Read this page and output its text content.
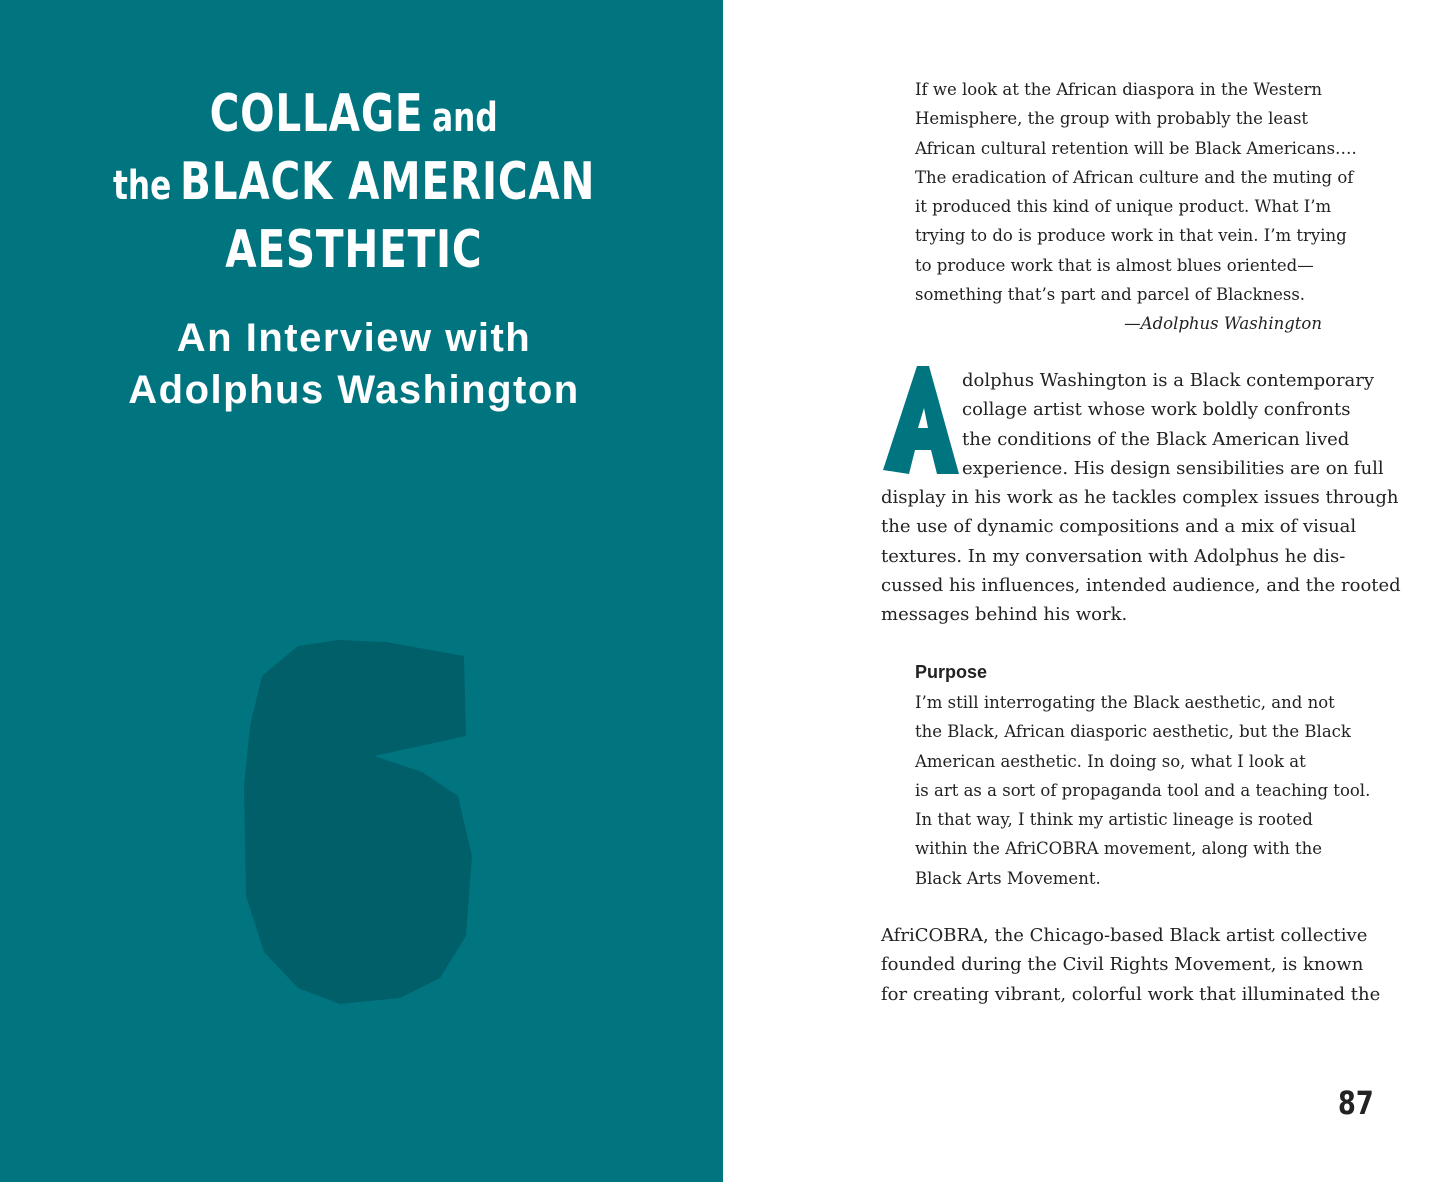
COLLAGE and
the BLACK AMERICAN
AESTHETIC
An Interview with
Adolphus Washington

If we look at the African diaspora in the Western
Hemisphere, the group with probably the least
African cultural retention will be Black Americans….
The eradication of African culture and the muting of
it produced this kind of unique product. What I’m
trying to do is produce work in that vein. I’m trying
to produce work that is almost blues oriented—
something that’s part and parcel of Blackness.

—Adolphus Washington

dolphus Washington is a Black contemporary
collage artist whose work boldly confronts
the conditions of the Black American lived
experience. His design sensibilities are on full
display in his work as he tackles complex issues through
the use of dynamic compositions and a mix of visual
textures. In my conversation with Adolphus he dis-
cussed his influences, intended audience, and the rooted
messages behind his work.
Purpose
I’m still interrogating the Black aesthetic, and not
the Black, African diasporic aesthetic, but the Black
American aesthetic. In doing so, what I look at
is art as a sort of propaganda tool and a teaching tool.
In that way, I think my artistic lineage is rooted
within the AfriCOBRA movement, along with the
Black Arts Movement.
AfriCOBRA, the Chicago-based Black artist collective
founded during the Civil Rights Movement, is known
for creating vibrant, colorful work that illuminated the

87
